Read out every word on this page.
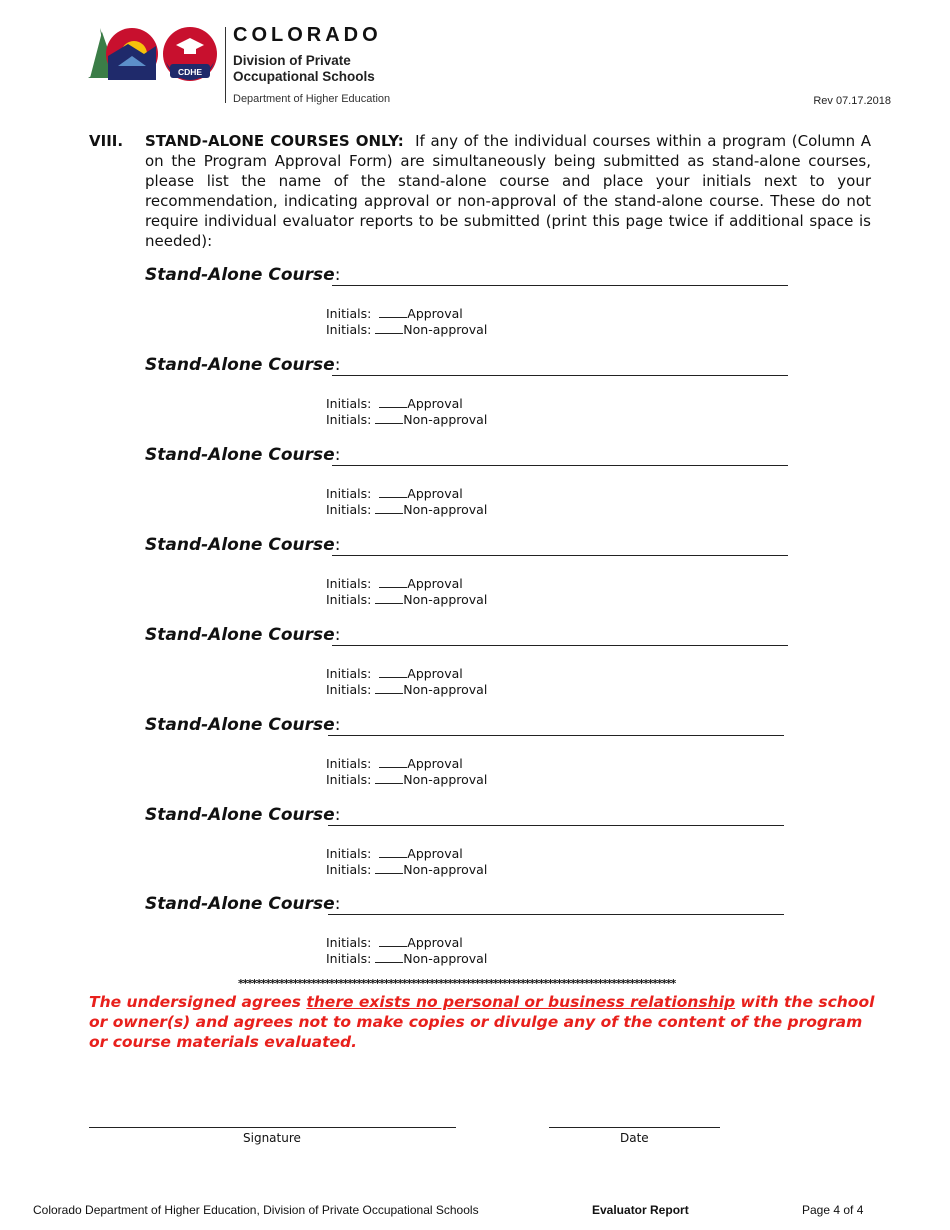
CDHE
COLORADO
Division of Private
Occupational Schools
Department of Higher Education	Rev 07.17.2018
VIII. STAND-ALONE COURSES ONLY: If any of the individual courses within a program (Column A on the Program Approval Form) are simultaneously being submitted as stand-alone courses, please list the name of the stand-alone course and place your initials next to your recommendation, indicating approval or non-approval of the stand-alone course. These do not require individual evaluator reports to be submitted (print this page twice if additional space is needed):
Stand-Alone Course:
Initials:	Approval
Initials:	Non-approval
Stand-Alone Course:
Initials:	Approval
Initials:	Non-approval
Stand-Alone Course:
Initials:	Approval
Initials:	Non-approval
Stand-Alone Course:
Initials:	Approval
Initials:	Non-approval
Stand-Alone Course:
Initials:	Approval
Initials:	Non-approval
Stand-Alone Course:
Initials:	Approval
Initials:	Non-approval
Stand-Alone Course:
Initials:	Approval
Initials:	Non-approval
Stand-Alone Course:
Initials:	Approval
Initials:	Non-approval
************************************************************************************************
The undersigned agrees there exists no personal or business relationship with the school or owner(s) and agrees not to make copies or divulge any of the content of the program or course materials evaluated.
Signature	Date
Colorado Department of Higher Education, Division of Private Occupational Schools	Evaluator Report	Page 4 of 4
